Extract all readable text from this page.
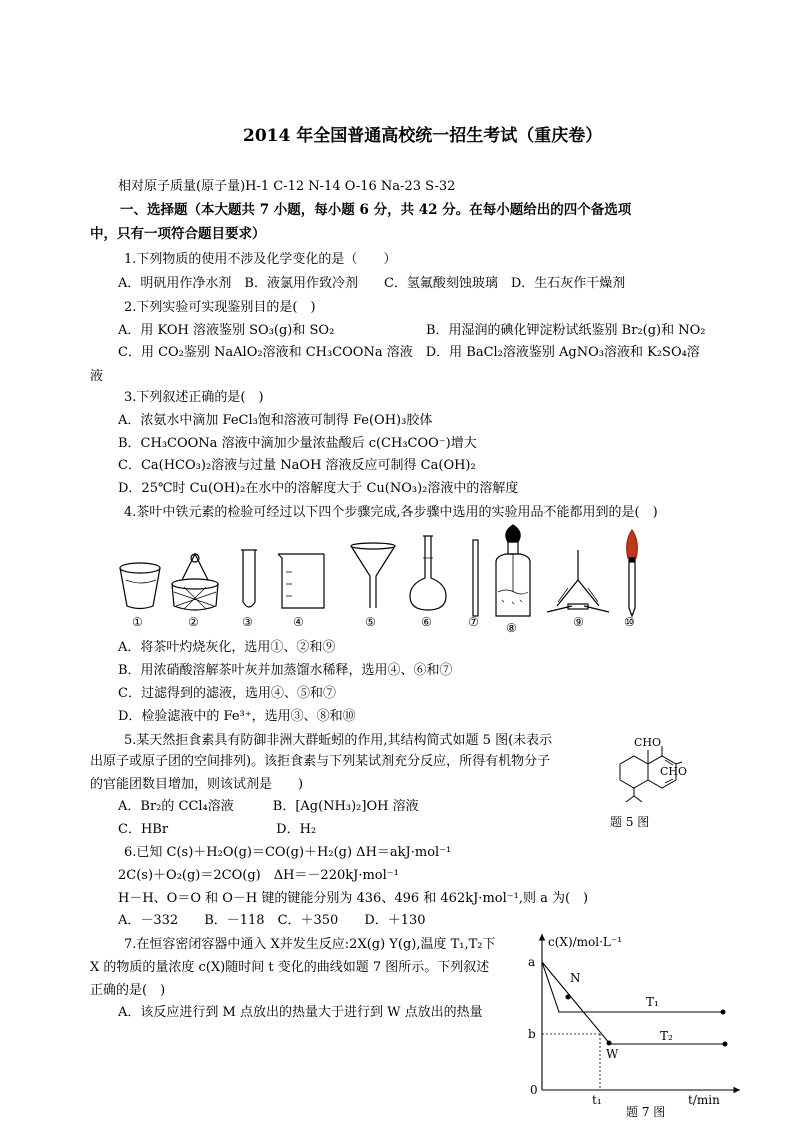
2014 年全国普通高校统一招生考试（重庆卷）
相对原子质量(原子量)H-1 C-12 N-14 O-16 Na-23 S-32
一、选择题（本大题共 7 小题，每小题 6 分，共 42 分。在每小题给出的四个备选项
中，只有一项符合题目要求）
1.下列物质的使用不涉及化学变化的是（　　）
A．明矾用作净水剂　B．液氯用作致冷剂　　C．氢氟酸刻蚀玻璃　D．生石灰作干燥剂
2.下列实验可实现鉴别目的是(　)
A．用 KOH 溶液鉴别 SO₃(g)和 SO₂	B．用湿润的碘化钾淀粉试纸鉴别 Br₂(g)和 NO₂
C．用 CO₂鉴别 NaAlO₂溶液和 CH₃COONa 溶液　D．用 BaCl₂溶液鉴别 AgNO₃溶液和 K₂SO₄溶
液
3.下列叙述正确的是(　)
A．浓氨水中滴加 FeCl₃饱和溶液可制得 Fe(OH)₃胶体
B．CH₃COONa 溶液中滴加少量浓盐酸后 c(CH₃COO⁻)增大
C．Ca(HCO₃)₂溶液与过量 NaOH 溶液反应可制得 Ca(OH)₂
D．25℃时 Cu(OH)₂在水中的溶解度大于 Cu(NO₃)₂溶液中的溶解度
4.茶叶中铁元素的检验可经过以下四个步骤完成,各步骤中选用的实验用品不能都用到的是(　)
①	②	③	④	⑤	⑥	⑦ ⑧	⑨	⑩
A．将茶叶灼烧灰化，选用①、②和⑨
B．用浓硝酸溶解茶叶灰并加蒸馏水稀释，选用④、⑥和⑦
C．过滤得到的滤液，选用④、⑤和⑦
D．检验滤液中的 Fe³⁺，选用③、⑧和⑩
5.某天然拒食素具有防御非洲大群蚯蚓的作用,其结构简式如题 5 图(未表示
出原子或原子团的空间排列)。该拒食素与下列某试剂充分反应，所得有机物分子
的官能团数目增加，则该试剂是　　)
A．Br₂的 CCl₄溶液　　　B．[Ag(NH₃)₂]OH 溶液
C．HBr　　　　　　　　 D．H₂
CHO
CHO
题 5 图
6.已知 C(s)＋H₂O(g)＝CO(g)＋H₂(g) ΔH＝akJ·mol⁻¹
2C(s)＋O₂(g)＝2CO(g)　ΔH＝－220kJ·mol⁻¹
H－H、O＝O 和 O－H 键的键能分别为 436、496 和 462kJ·mol⁻¹,则 a 为(　)
A．－332　　B．－118　C．＋350　　D．＋130
7.在恒容密闭容器中通入 X并发生反应:2X(g) Y(g),温度 T₁,T₂下
X 的物质的量浓度 c(X)随时间 t 变化的曲线如题 7 图所示。下列叙述
正确的是(　)
A．该反应进行到 M 点放出的热量大于进行到 W 点放出的热量
c(X)/mol·L⁻¹
t/min
a
b
0
t₁
N
W
T₁
T₂
题 7 图
